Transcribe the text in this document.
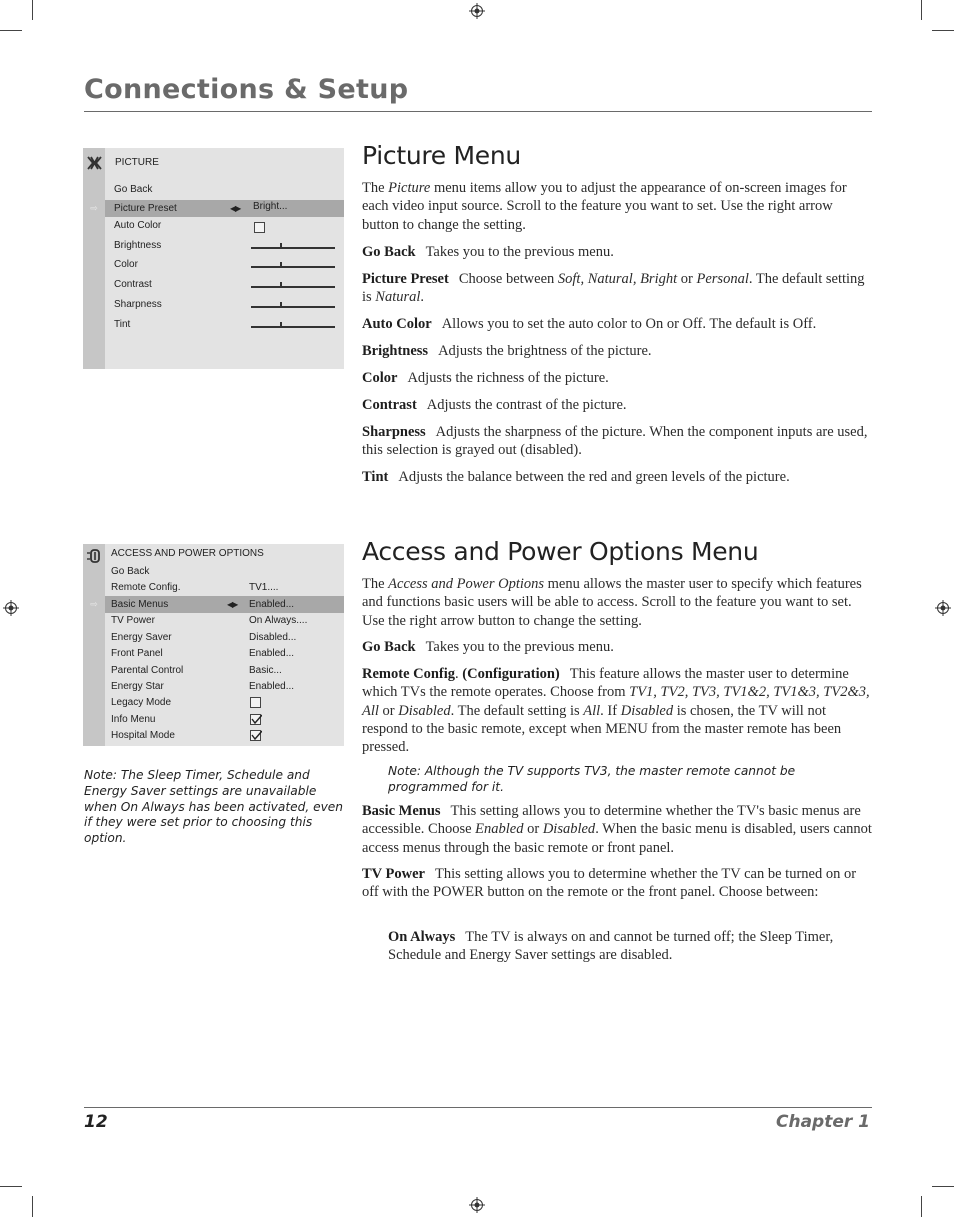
Connections & Setup
PICTURE
Go Back
⇨	Picture Preset	◀▶ Bright...
Auto Color
Brightness
Color
Contrast
Sharpness
Tint
Picture Menu

The Picture menu items allow you to adjust the appearance of on-screen images for each video input source. Scroll to the feature you want to set. Use the right arrow button to change the setting.

Go Back Takes you to the previous menu.

Picture Preset Choose between Soft, Natural, Bright or Personal. The default setting is Natural.

Auto Color Allows you to set the auto color to On or Off. The default is Off.

Brightness Adjusts the brightness of the picture.

Color Adjusts the richness of the picture.

Contrast Adjusts the contrast of the picture.

Sharpness Adjusts the sharpness of the picture. When the component inputs are used, this selection is grayed out (disabled).

Tint Adjusts the balance between the red and green levels of the picture.

ACCESS AND POWER OPTIONS
Go Back
Remote Config.	TV1....
⇨	Basic Menus	◀▶ Enabled...
TV Power	On Always....
Energy Saver	Disabled...
Front Panel	Enabled...
Parental Control	Basic...
Energy Star	Enabled...
Legacy Mode
Info Menu
Hospital Mode

Note: The Sleep Timer, Schedule and Energy Saver settings are unavailable when On Always has been activated, even if they were set prior to choosing this option.

Access and Power Options Menu

The Access and Power Options menu allows the master user to specify which features and functions basic users will be able to access. Scroll to the feature you want to set. Use the right arrow button to change the setting.

Go Back Takes you to the previous menu.

Remote Config. (Configuration) This feature allows the master user to determine which TVs the remote operates. Choose from TV1, TV2, TV3, TV1&2, TV1&3, TV2&3, All or Disabled. The default setting is All. If Disabled is chosen, the TV will not respond to the basic remote, except when MENU from the master remote has been pressed.

Note: Although the TV supports TV3, the master remote cannot be programmed for it.

Basic Menus This setting allows you to determine whether the TV's basic menus are accessible. Choose Enabled or Disabled. When the basic menu is disabled, users cannot access menus through the basic remote or front panel.

TV Power This setting allows you to determine whether the TV can be turned on or off with the POWER button on the remote or the front panel. Choose between:

On Always The TV is always on and cannot be turned off; the Sleep Timer, Schedule and Energy Saver settings are disabled.

12	Chapter 1
